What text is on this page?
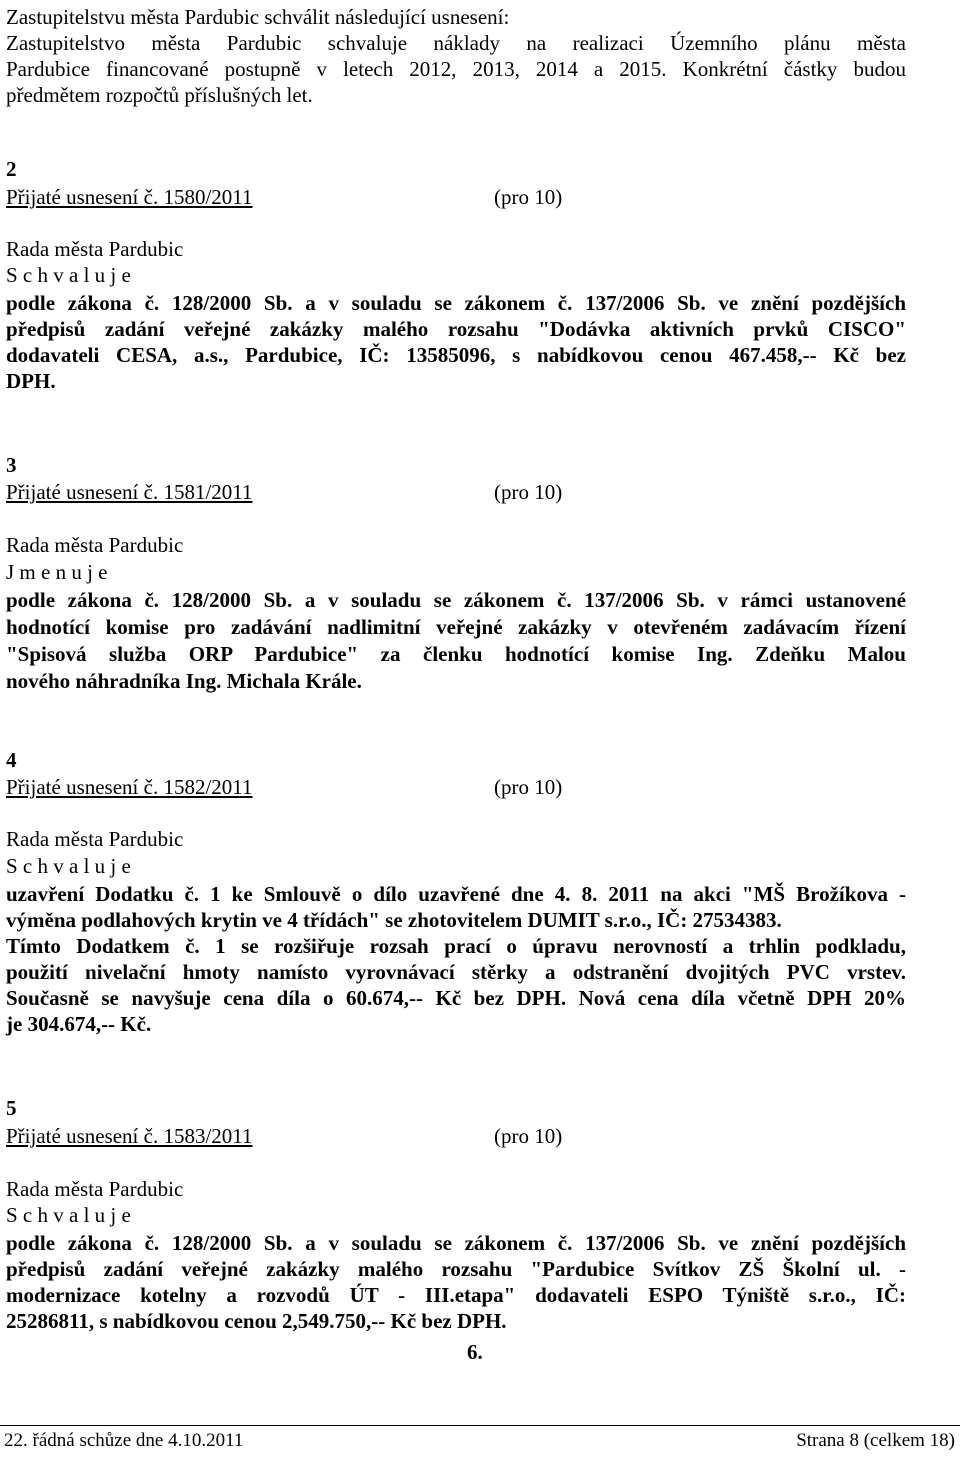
Zastupitelstvu města Pardubic schválit následující usnesení:
Zastupitelstvo města Pardubic schvaluje náklady na realizaci Územního plánu města
Pardubice financované postupně v letech 2012, 2013, 2014 a 2015. Konkrétní částky budou
předmětem rozpočtů příslušných let.
2
Přijaté usnesení č. 1580/2011	(pro 10)
Rada města Pardubic
S c h v a l u j e
podle zákona č. 128/2000 Sb. a v souladu se zákonem č. 137/2006 Sb. ve znění pozdějších
předpisů zadání veřejné zakázky malého rozsahu "Dodávka aktivních prvků CISCO"
dodavateli CESA, a.s., Pardubice, IČ: 13585096, s nabídkovou cenou 467.458,-- Kč bez
DPH.
3
Přijaté usnesení č. 1581/2011	(pro 10)
Rada města Pardubic
J m e n u j e
podle zákona č. 128/2000 Sb. a v souladu se zákonem č. 137/2006 Sb. v rámci ustanovené
hodnotící komise pro zadávání nadlimitní veřejné zakázky v otevřeném zadávacím řízení
"Spisová služba ORP Pardubice" za členku hodnotící komise Ing. Zdeňku Malou
nového náhradníka Ing. Michala Krále.
4
Přijaté usnesení č. 1582/2011	(pro 10)
Rada města Pardubic
S c h v a l u j e
uzavření Dodatku č. 1 ke Smlouvě o dílo uzavřené dne 4. 8. 2011 na akci "MŠ Brožíkova -
výměna podlahových krytin ve 4 třídách" se zhotovitelem DUMIT s.r.o., IČ: 27534383.
Tímto Dodatkem č. 1 se rozšiřuje rozsah prací o úpravu nerovností a trhlin podkladu,
použití nivelační hmoty namísto vyrovnávací stěrky a odstranění dvojitých PVC vrstev.
Současně se navyšuje cena díla o 60.674,-- Kč bez DPH. Nová cena díla včetně DPH 20%
je 304.674,-- Kč.
5
Přijaté usnesení č. 1583/2011	(pro 10)
Rada města Pardubic
S c h v a l u j e
podle zákona č. 128/2000 Sb. a v souladu se zákonem č. 137/2006 Sb. ve znění pozdějších
předpisů zadání veřejné zakázky malého rozsahu "Pardubice Svítkov ZŠ Školní ul. -
modernizace kotelny a rozvodů ÚT - III.etapa" dodavateli ESPO Týniště s.r.o., IČ:
25286811, s nabídkovou cenou 2,549.750,-- Kč bez DPH.
6.
22. řádná schůze dne 4.10.2011	Strana 8 (celkem 18)
